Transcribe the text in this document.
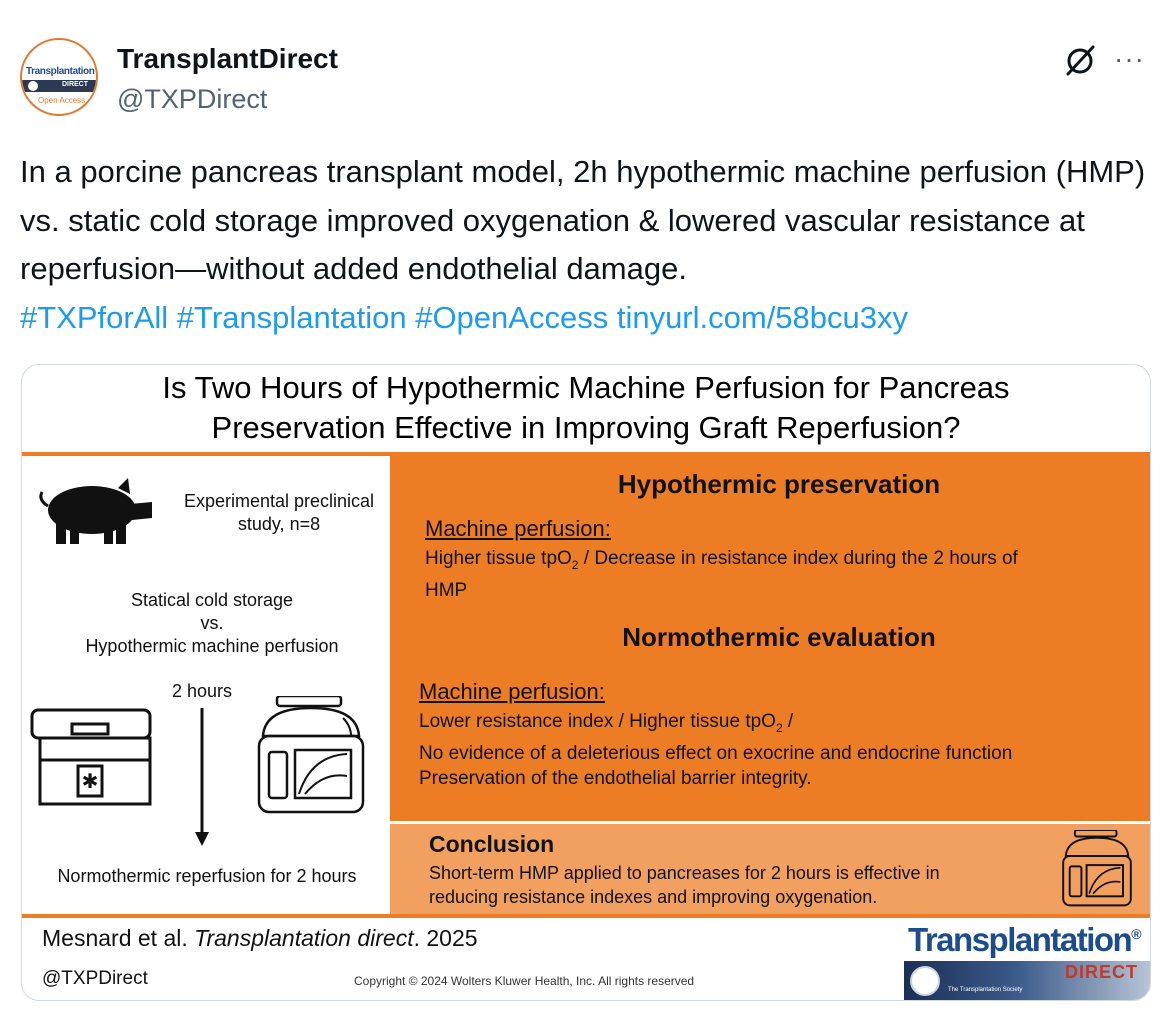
Transplantation
DIRECT
Open Access
TransplantDirect
@TXPDirect
···
In a porcine pancreas transplant model, 2h hypothermic machine perfusion (HMP) vs. static cold storage improved oxygenation & lowered vascular resistance at reperfusion—without added endothelial damage.
#TXPforAll #Transplantation #OpenAccess tinyurl.com/58bcu3xy
Is Two Hours of Hypothermic Machine Perfusion for Pancreas
Preservation Effective in Improving Graft Reperfusion?
Experimental preclinical
study, n=8
Statical cold storage
vs.
Hypothermic machine perfusion
2 hours
✱
Normothermic reperfusion for 2 hours
Hypothermic preservation
Machine perfusion:
Higher tissue tpO$_2$ / Decrease in resistance index during the 2 hours of
HMP
Normothermic evaluation
Machine perfusion:
Lower resistance index / Higher tissue tpO$_2$ /
No evidence of a deleterious effect on exocrine and endocrine function
Preservation of the endothelial barrier integrity.
Conclusion
Short-term HMP applied to pancreases for 2 hours is effective in
reducing resistance indexes and improving oxygenation.
Mesnard et al. Transplantation direct. 2025
@TXPDirect	Copyright © 2024 Wolters Kluwer Health, Inc. All rights reserved
Transplantation®
The Transplantation Society
DIRECT
